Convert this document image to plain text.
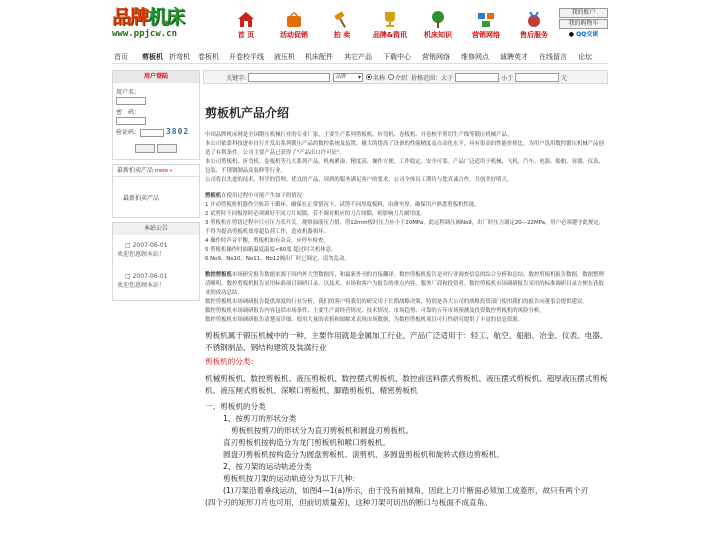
品牌机床
www.ppjcw.cn	首 页	活动促销	拍 卖	品牌&资讯	机床知识	营销网络	售后服务
我的账户
我的购物车
● QQ交谈
首页 剪板机 折弯机 卷板机 开卷校平线 液压机 机床配件 其它产品 下载中心 营销网络 维修网点 诚聘英才 在线留言 论坛
用户登陆
用户名：
密　码：
验证码：	3802
最新拍卖产品 more »
最新拍卖产品
本站公告
□ 2007-06-01
欢迎您惠顾本站！
□ 2007-06-01
欢迎您惠顾本站！
关键字:	品牌 ▾	名称 介绍 价格范围：大于	小于	元
剪板机产品介绍

中国品牌机床网是全国锻压机械行业的专业厂家，主要生产系列剪板机、折弯机、卷板机、开卷校平剪切生产线等锻压机械产品。

本公司依靠科技进步自行开发出系列锻压产品的数控系统及装置，极大的提高了设备的性能精度及自动化水平，具有很高的性能价格比，为用户选用数控锻压机械产品创造了有利条件。公司主要产品已获得了"产品出口许可证"。

本公司剪板机、折弯机、卷板机等几大系列产品，机构紧凑、精度高、操作方便、工作稳定、安全可靠。产品广泛适用于机械、飞机、汽车、电器、船舶、容器、仪表、包装、不锈钢制品及装修等行业。

公司将以先进的技术、科学的管理、优良的产品、周到的服务满足客户的要求，公司全体员工期待与您真诚合作，共创美好明天。

剪板机在使用过程中可能产生如下的情况：

1 开动剪板机机器作空转若干循环，确保在正常情况下，试剪不同厚度板料，由薄至厚。确保用户熟悉剪板机性能。

2 试剪时不同板厚时必须调好不同刀片间隙，若不调对相应的刀片间隙，则影响刀片耐用度。

3 剪板机在剪切过程中只可压力表开关，观察油液压力值，剪12mm板时压力应小于20MPa。此远程调压阀No9，出厂时压力调定20—22MPa，用户必须遵守此规定，不得为提高剪板机效率超负荷工作，造成机器损坏。

4 操作时声音平衡，剪板机如有杂音，应停车检查。

5 剪板机操作时油箱温度温度<60度 超过时关机休息。

6 No9、No10、No11、No12阀出厂时已调定，请勿乱动。

数控剪板机市场研究报告数据来源于国内外大型数据库，和最新外刊的直接翻译。数控剪板机报告是对行业调查信息的综合分析和总结。数控剪板机报告数据，数据整理清晰明。数控剪板机报告采用标准项目调研目录。以技术、市场和客户为报告的重点内容。服务厂商和投资者。数控剪板机市场调研报告采用的标准调研目录方便在获取业的成功总结。

数控剪板机市场调研报告提供深度的行业分析，我们的客户将我们的研究用于长期战略决策，特别是各大公司的战略投资部门使用我们的报告向董事会提供建议。

数控剪板机市场调研报告内容包括市场条件、主要生产商经营情况、技术情况、市场趋势、可靠的五年市场预测及投资数控剪板机的风险分析。

数控剪板机市场调研报告清楚而详细、使用大量的表格和图解来表现市场数据，为数控剪板机项目可行性研究提供了丰富的信息资源。

剪板机属于锻压机械中的一种，主要作用就是金属加工行业。产品广泛适用于：轻工、航空、船舶、冶金、仪表、电器、不锈钢制品、钢结构建筑及装潢行业
剪板机的分类：
机械剪板机、数控剪板机、液压剪板机、数控摆式剪板机、数控前送料摆式剪板机、液压摆式剪板机、超厚液压摆式剪板机、液压闸式剪板机、深喉口剪板机、脚踏剪板机、精密剪板机
一、剪板机的分类
1、按剪刀的形状分类
剪板机按剪刀的形状分为直刃剪板机和圆盘刃剪板机。
直刃剪板机按构造分为龙门剪板机和喉口剪板机。
圆盘刃剪板机按构造分为圆盘剪板机、滚剪机、多圆盘剪板机和旋转式修边剪板机。
2、按刀架的运动轨迹分类
剪板机按刀架的运动轨迹分为以下几种：
(1)刀架沿着垂线运动，如图4—1(a)所示，由于没有前倾角，因此上刀片断面必须加工成菱形，故只有两个刃
(四个刃的矩形刀片也可用，但前切质量差)，这种刀架可切出的断口与板面不成直角。
